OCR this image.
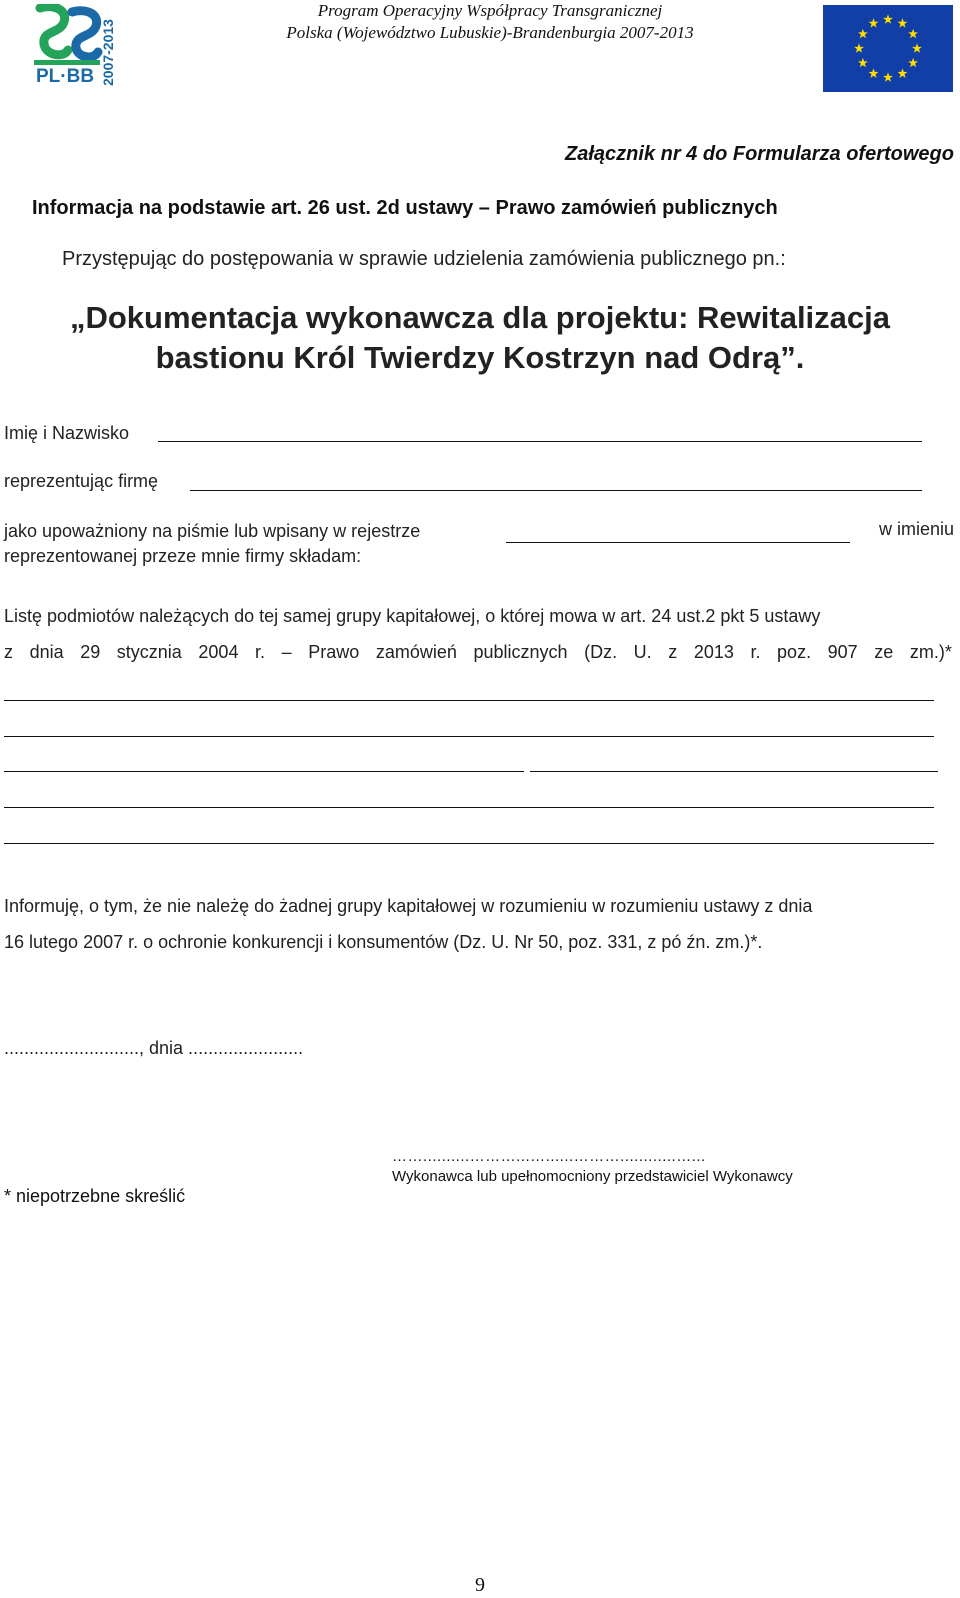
PL·BB 2007-2013
Program Operacyjny Współpracy Transgranicznej
Polska (Województwo Lubuskie)-Brandenburgia 2007-2013
Załącznik nr 4 do Formularza ofertowego
Informacja na podstawie art. 26 ust. 2d ustawy – Prawo zamówień publicznych
Przystępując do postępowania w sprawie udzielenia zamówienia publicznego pn.:
„Dokumentacja wykonawcza dla projektu: Rewitalizacja
bastionu Król Twierdzy Kostrzyn nad Odrą”.
Imię i Nazwisko
reprezentując firmę
jako upoważniony na piśmie lub wpisany w rejestrze
reprezentowanej przeze mnie firmy składam:
w imieniu
Listę podmiotów należących do tej samej grupy kapitałowej, o której mowa w art. 24 ust.2 pkt 5 ustawy
z dnia 29 stycznia 2004 r. – Prawo zamówień publicznych (Dz. U. z 2013 r. poz. 907 ze zm.)*
Informuję, o tym, że nie należę do żadnej grupy kapitałowej w rozumieniu w rozumieniu ustawy z dnia
16 lutego 2007 r. o ochronie konkurencji i konsumentów (Dz. U. Nr 50, poz. 331, z pó źn. zm.)*.
..........................., dnia .......................
……..........………...…......………............…...
Wykonawca lub upełnomocniony przedstawiciel Wykonawcy
* niepotrzebne skreślić
9
